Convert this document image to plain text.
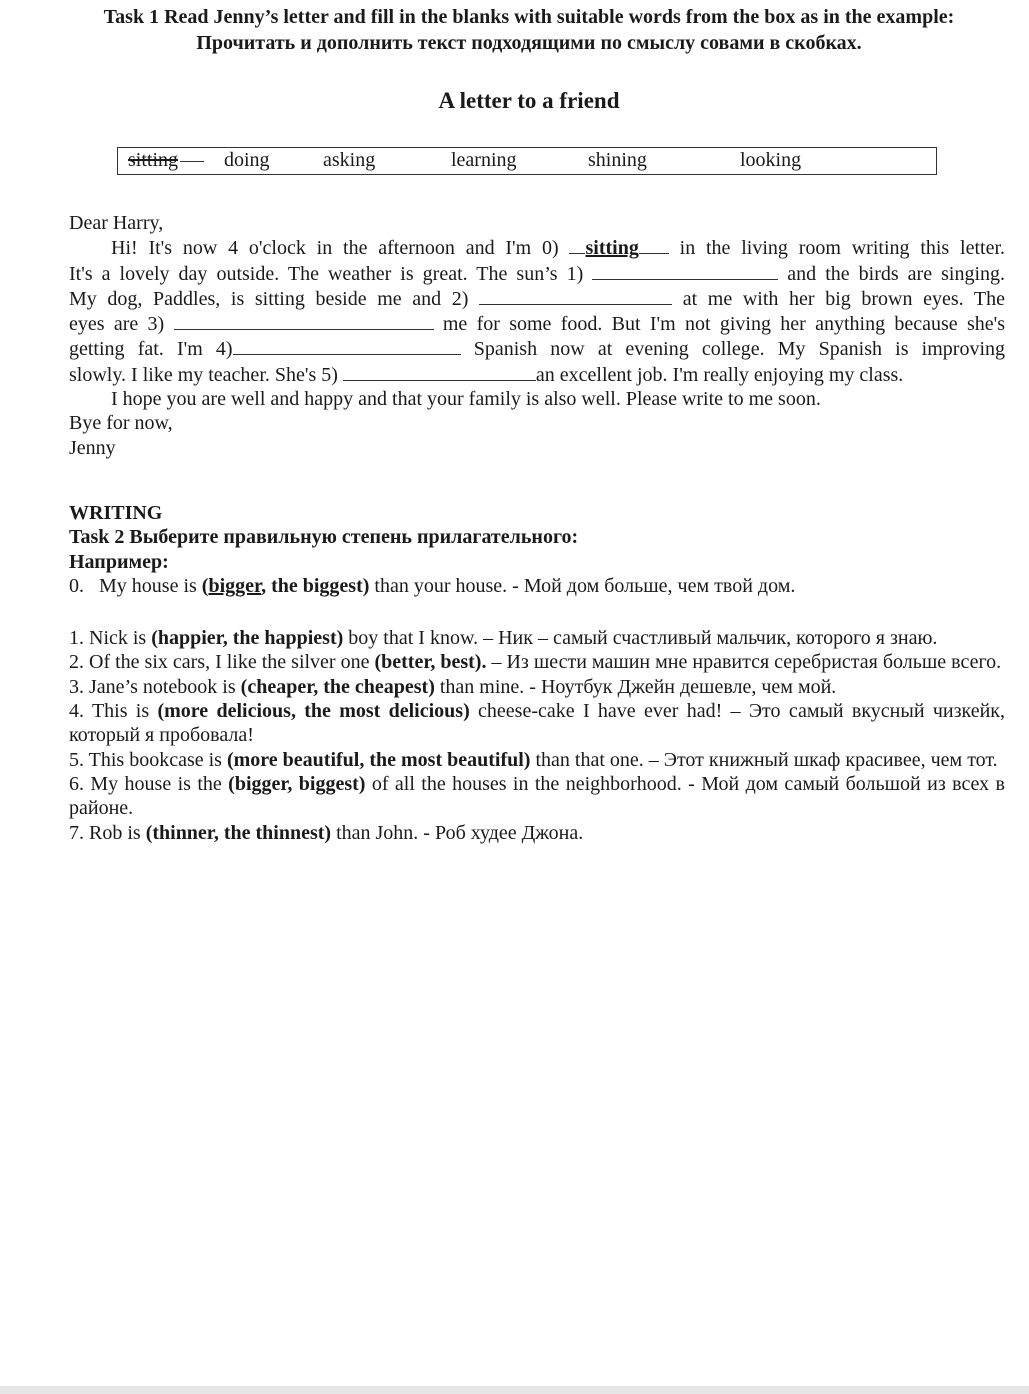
Task 1 Read Jenny’s letter and fill in the blanks with suitable words from the box as in the example:
Прочитать и дополнить текст подходящими по смыслу совами в скобках.
A letter to a friend
sitting	doing	asking	learning	shining	looking

Dear Harry,

Hi! It's now 4 o'clock in the afternoon and I'm 0) sitting in the living room writing this letter.

It's a lovely day outside. The weather is great. The sun’s 1)	and the birds are singing.

My dog, Paddles, is sitting beside me and 2)	at me with her big brown eyes. The

eyes are 3)	me for some food. But I'm not giving her anything because she's

getting fat. I'm 4)	Spanish now at evening college. My Spanish is improving

slowly. I like my teacher. She's 5)	an excellent job. I'm really enjoying my class.

I hope you are well and happy and that your family is also well. Please write to me soon.

Bye for now,

Jenny

WRITING

Task 2 Выберите правильную степень прилагательного:

Например:

0. My house is (bigger, the biggest) than your house. - Мой дом больше, чем твой дом.

1. Nick is (happier, the happiest) boy that I know. – Ник – самый счастливый мальчик, которого я знаю.

2. Of the six cars, I like the silver one (better, best). – Из шести машин мне нравится серебристая больше всего.

3. Jane’s notebook is (cheaper, the cheapest) than mine. - Ноутбук Джейн дешевле, чем мой.

4. This is (more delicious, the most delicious) cheese-cake I have ever had! – Это самый вкусный чизкейк, который я пробовала!

5. This bookcase is (more beautiful, the most beautiful) than that one. – Этот книжный шкаф красивее, чем тот.

6. My house is the (bigger, biggest) of all the houses in the neighborhood. - Мой дом самый большой из всех в районе.

7. Rob is (thinner, the thinnest) than John. - Роб худее Джона.
